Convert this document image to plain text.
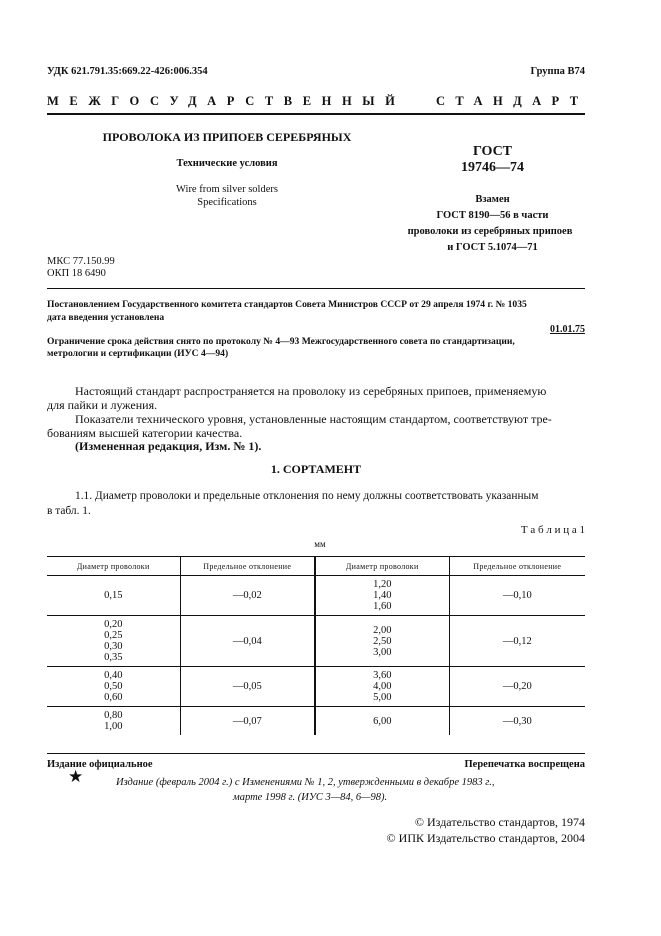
УДК 621.791.35:669.22-426:006.354	Группа В74
МЕЖГОСУДАРСТВЕННЫЙ СТАНДАРТ
ПРОВОЛОКА ИЗ ПРИПОЕВ СЕРЕБРЯНЫХ
Технические условия
Wire from silver solders
Specifications
ГОСТ
19746—74
Взамен
ГОСТ 8190—56 в части
проволоки из серебряных припоев
и ГОСТ 5.1074—71
МКС 77.150.99
ОКП 18 6490
Постановлением Государственного комитета стандартов Совета Министров СССР от 29 апреля 1974 г. № 1035
дата введения установлена
01.01.75
Ограничение срока действия снято по протоколу № 4—93 Межгосударственного совета по стандартизации,
метрологии и сертификации (ИУС 4—94)
Настоящий стандарт распространяется на проволоку из серебряных припоев, применяемую
для пайки и лужения.
Показатели технического уровня, установленные настоящим стандартом, соответствуют тре-
бованиям высшей категории качества.
(Измененная редакция, Изм. № 1).
1. СОРТАМЕНТ
1.1. Диаметр проволоки и предельные отклонения по нему должны соответствовать указанным
в табл. 1.
Т а б л и ц а 1
мм
Диаметр проволоки	Предельное отклонение	Диаметр проволоки	Предельное отклонение

0,15	—0,02	1,20
1,40
1,60	—0,10

0,20
0,25
0,30
0,35	—0,04	2,00
2,50
3,00	—0,12

0,40
0,50
0,60	—0,05	3,60
4,00
5,00	—0,20

0,80
1,00	—0,07	6,00	—0,30
Издание официальное	Перепечатка воспрещена
★	Издание (февраль 2004 г.) с Изменениями № 1, 2, утвержденными в декабре 1983 г.,
марте 1998 г. (ИУС 3—84, 6—98).
© Издательство стандартов, 1974
© ИПК Издательство стандартов, 2004
